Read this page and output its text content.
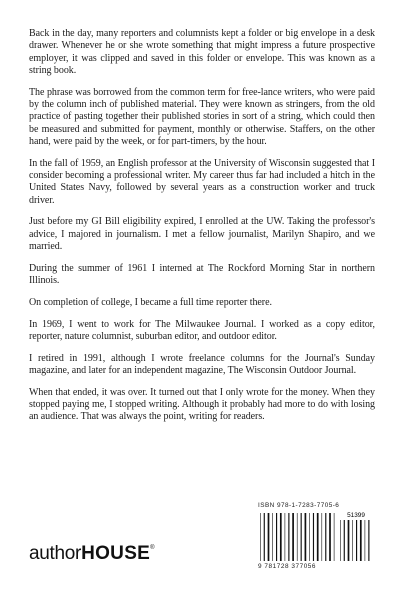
Back in the day, many reporters and columnists kept a folder or big envelope in a desk drawer. Whenever he or she wrote something that might impress a future prospective employer, it was clipped and saved in this folder or envelope. This was known as a string book.

The phrase was borrowed from the common term for free-lance writers, who were paid by the column inch of published material. They were known as stringers, from the old practice of pasting together their published stories in sort of a string, which could then be measured and submitted for payment, monthly or otherwise. Staffers, on the other hand, were paid by the week, or for part-timers, by the hour.

In the fall of 1959, an English professor at the University of Wisconsin suggested that I consider becoming a professional writer. My career thus far had included a hitch in the United States Navy, followed by several years as a construction worker and truck driver.

Just before my GI Bill eligibility expired, I enrolled at the UW. Taking the professor's advice, I majored in journalism. I met a fellow journalist, Marilyn Shapiro, and we married.

During the summer of 1961 I interned at The Rockford Morning Star in northern Illinois.

On completion of college, I became a full time reporter there.

In 1969, I went to work for The Milwaukee Journal. I worked as a copy editor, reporter, nature columnist, suburban editor, and outdoor editor.

I retired in 1991, although I wrote freelance columns for the Journal's Sunday magazine, and later for an independent magazine, The Wisconsin Outdoor Journal.

When that ended, it was over. It turned out that I only wrote for the money. When they stopped paying me, I stopped writing. Although it probably had more to do with losing an audience. That was always the point, writing for readers.

ISBN 978-1-7283-7705-6
51399
9 781728 377056
authorHOUSE®
